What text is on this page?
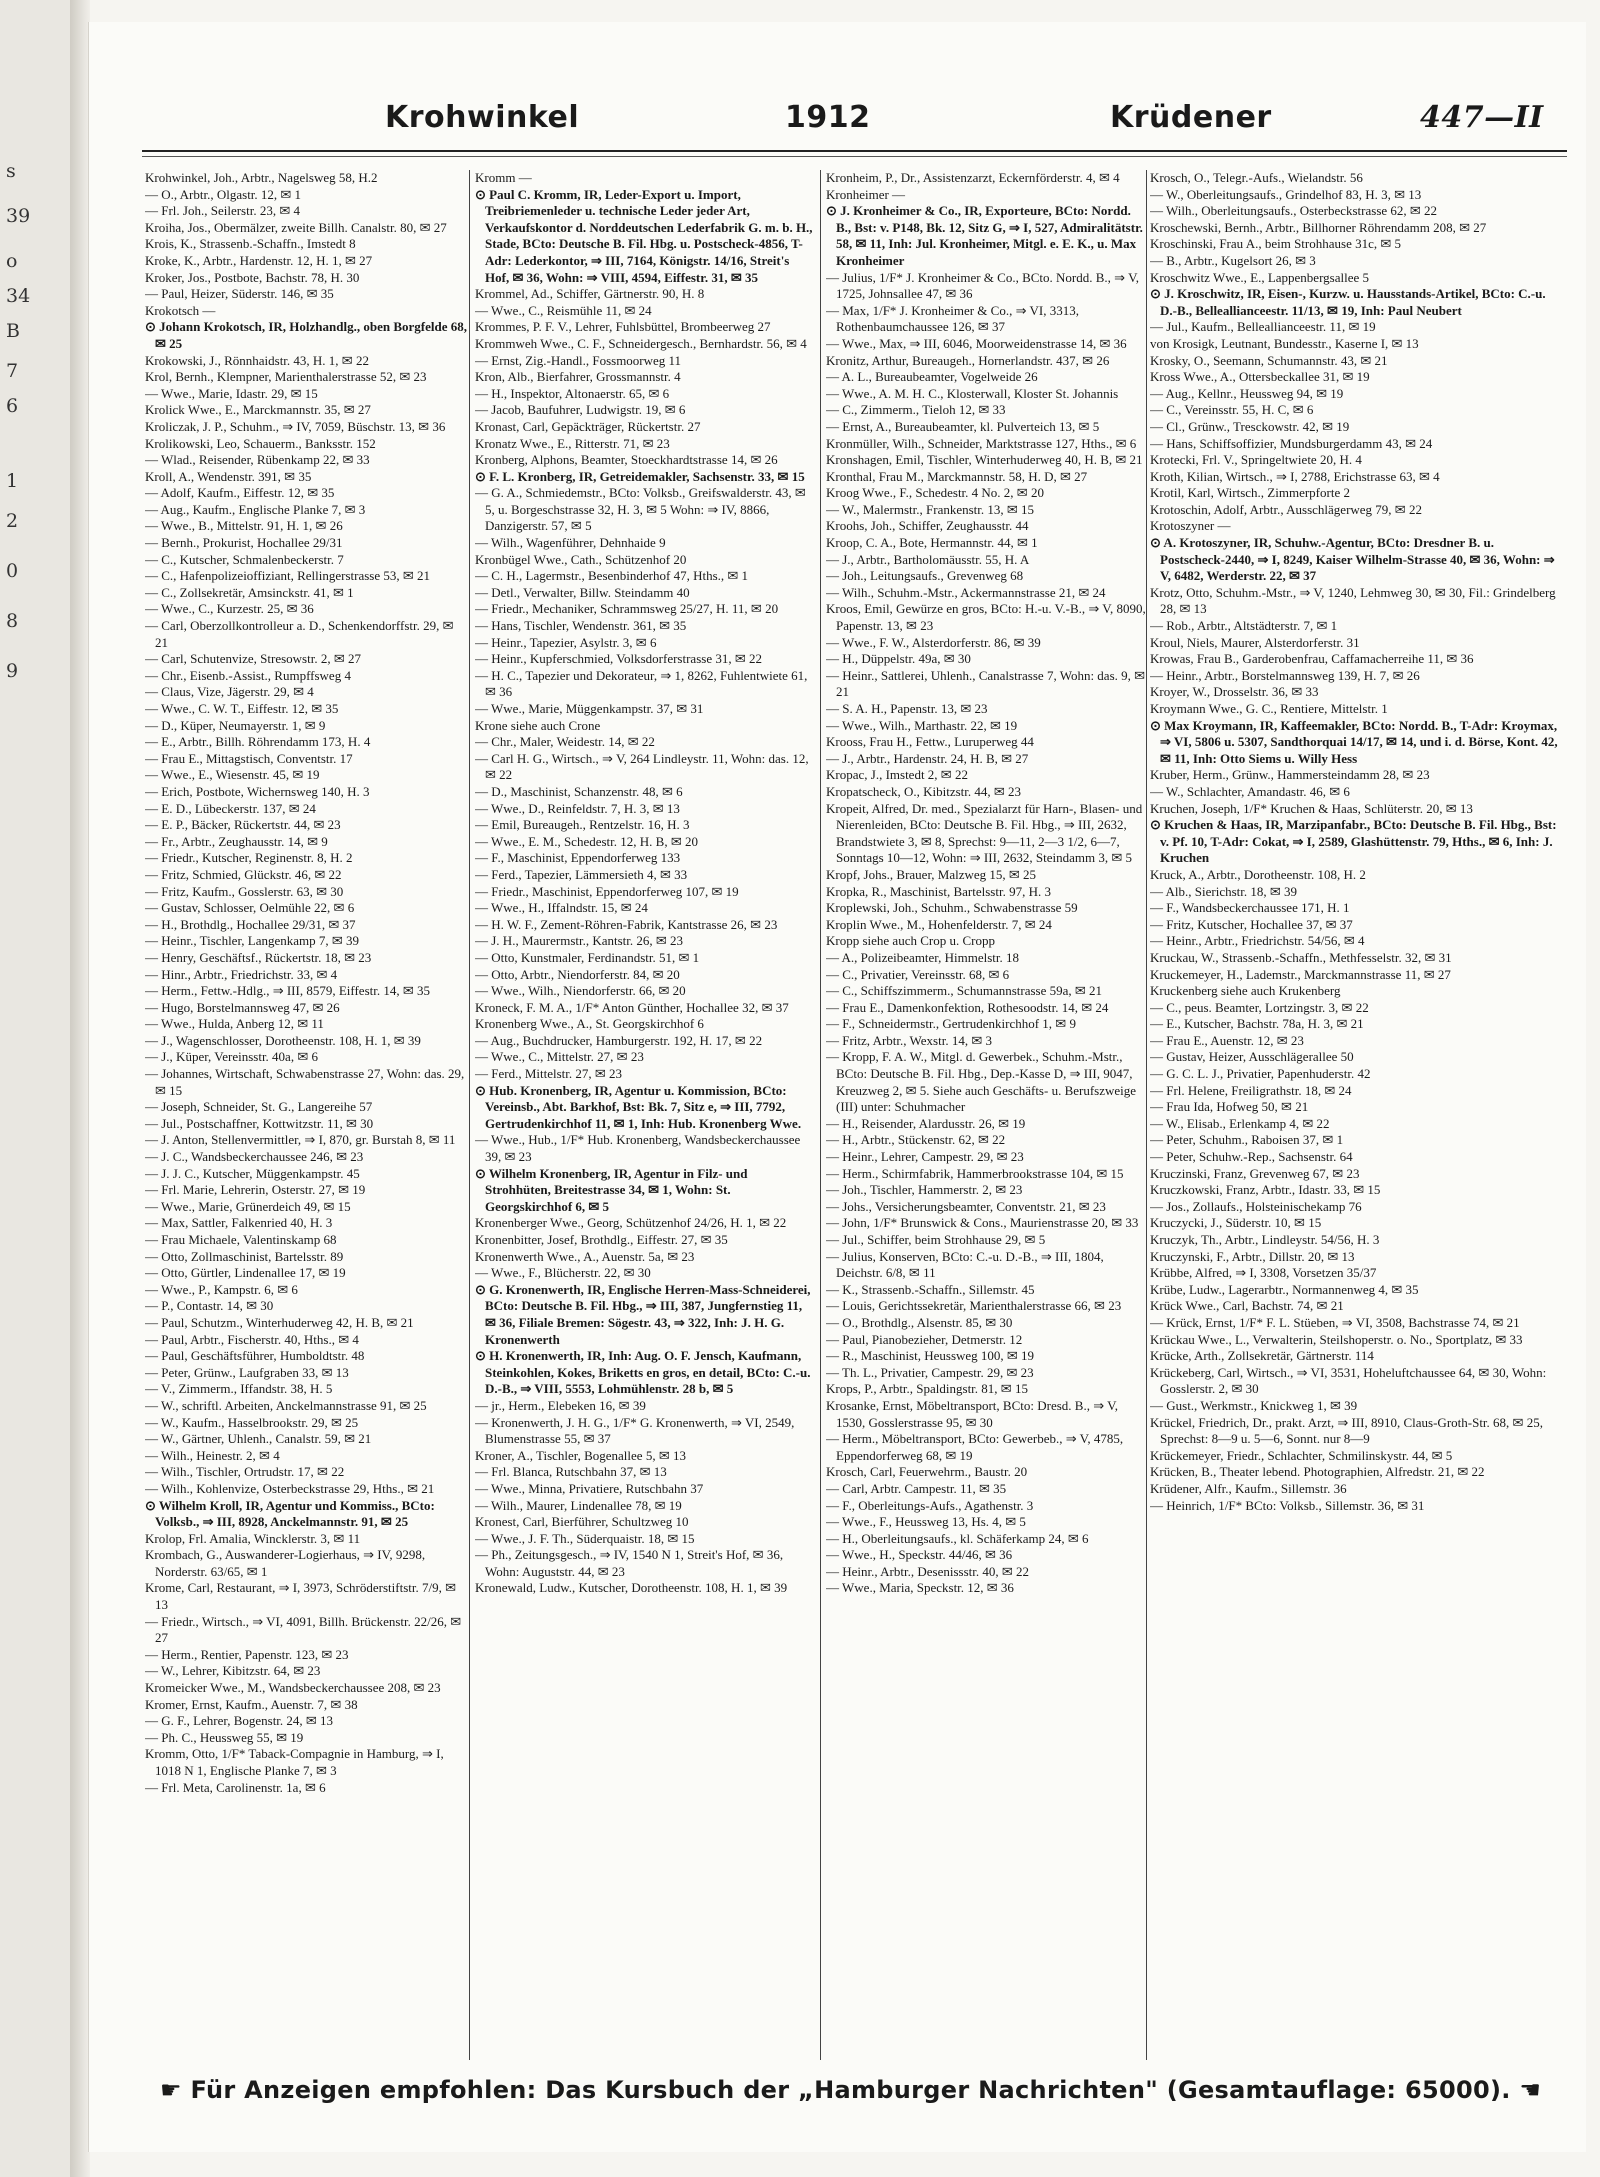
s
39
o
34
B
7
6
1
2
0
8
9
Krohwinkel	1912	Krüdener	447—II

Krohwinkel, Joh., Arbtr., Nagelsweg 58, H.2

— O., Arbtr., Olgastr. 12, ✉ 1

— Frl. Joh., Seilerstr. 23, ✉ 4

Kroiha, Jos., Obermälzer, zweite Billh. Canalstr. 80, ✉ 27

Krois, K., Strassenb.-Schaffn., Imstedt 8

Kroke, K., Arbtr., Hardenstr. 12, H. 1, ✉ 27

Kroker, Jos., Postbote, Bachstr. 78, H. 30

— Paul, Heizer, Süderstr. 146, ✉ 35

Krokotsch —

⊙ Johann Krokotsch, IR, Holzhandlg., oben Borgfelde 68, ✉ 25

Krokowski, J., Rönnhaidstr. 43, H. 1, ✉ 22

Krol, Bernh., Klempner, Marienthalerstrasse 52, ✉ 23

— Wwe., Marie, Idastr. 29, ✉ 15

Krolick Wwe., E., Marckmannstr. 35, ✉ 27

Kroliczak, J. P., Schuhm., ⇒ IV, 7059, Büschstr. 13, ✉ 36

Krolikowski, Leo, Schauerm., Banksstr. 152

— Wlad., Reisender, Rübenkamp 22, ✉ 33

Kroll, A., Wendenstr. 391, ✉ 35

— Adolf, Kaufm., Eiffestr. 12, ✉ 35

— Aug., Kaufm., Englische Planke 7, ✉ 3

— Wwe., B., Mittelstr. 91, H. 1, ✉ 26

— Bernh., Prokurist, Hochallee 29/31

— C., Kutscher, Schmalenbeckerstr. 7

— C., Hafenpolizeioffiziant, Rellingerstrasse 53, ✉ 21

— C., Zollsekretär, Amsinckstr. 41, ✉ 1

— Wwe., C., Kurzestr. 25, ✉ 36

— Carl, Oberzollkontrolleur a. D., Schenkendorffstr. 29, ✉ 21

— Carl, Schutenvize, Stresowstr. 2, ✉ 27

— Chr., Eisenb.-Assist., Rumpffsweg 4

— Claus, Vize, Jägerstr. 29, ✉ 4

— Wwe., C. W. T., Eiffestr. 12, ✉ 35

— D., Küper, Neumayerstr. 1, ✉ 9

— E., Arbtr., Billh. Röhrendamm 173, H. 4

— Frau E., Mittagstisch, Conventstr. 17

— Wwe., E., Wiesenstr. 45, ✉ 19

— Erich, Postbote, Wichernsweg 140, H. 3

— E. D., Lübeckerstr. 137, ✉ 24

— E. P., Bäcker, Rückertstr. 44, ✉ 23

— Fr., Arbtr., Zeughausstr. 14, ✉ 9

— Friedr., Kutscher, Reginenstr. 8, H. 2

— Fritz, Schmied, Glückstr. 46, ✉ 22

— Fritz, Kaufm., Gosslerstr. 63, ✉ 30

— Gustav, Schlosser, Oelmühle 22, ✉ 6

— H., Brothdlg., Hochallee 29/31, ✉ 37

— Heinr., Tischler, Langenkamp 7, ✉ 39

— Henry, Geschäftsf., Rückertstr. 18, ✉ 23

— Hinr., Arbtr., Friedrichstr. 33, ✉ 4

— Herm., Fettw.-Hdlg., ⇒ III, 8579, Eiffestr. 14, ✉ 35

— Hugo, Borstelmannsweg 47, ✉ 26

— Wwe., Hulda, Anberg 12, ✉ 11

— J., Wagenschlosser, Dorotheenstr. 108, H. 1, ✉ 39

— J., Küper, Vereinsstr. 40a, ✉ 6

— Johannes, Wirtschaft, Schwabenstrasse 27, Wohn: das. 29, ✉ 15

— Joseph, Schneider, St. G., Langereihe 57

— Jul., Postschaffner, Kottwitzstr. 11, ✉ 30

— J. Anton, Stellenvermittler, ⇒ I, 870, gr. Burstah 8, ✉ 11

— J. C., Wandsbeckerchaussee 246, ✉ 23

— J. J. C., Kutscher, Müggenkampstr. 45

— Frl. Marie, Lehrerin, Osterstr. 27, ✉ 19

— Wwe., Marie, Grünerdeich 49, ✉ 15

— Max, Sattler, Falkenried 40, H. 3

— Frau Michaele, Valentinskamp 68

— Otto, Zollmaschinist, Bartelsstr. 89

— Otto, Gürtler, Lindenallee 17, ✉ 19

— Wwe., P., Kampstr. 6, ✉ 6

— P., Contastr. 14, ✉ 30

— Paul, Schutzm., Winterhuderweg 42, H. B, ✉ 21

— Paul, Arbtr., Fischerstr. 40, Hths., ✉ 4

— Paul, Geschäftsführer, Humboldtstr. 48

— Peter, Grünw., Laufgraben 33, ✉ 13

— V., Zimmerm., Iffandstr. 38, H. 5

— W., schriftl. Arbeiten, Anckelmannstrasse 91, ✉ 25

— W., Kaufm., Hasselbrookstr. 29, ✉ 25

— W., Gärtner, Uhlenh., Canalstr. 59, ✉ 21

— Wilh., Heinestr. 2, ✉ 4

— Wilh., Tischler, Ortrudstr. 17, ✉ 22

— Wilh., Kohlenvize, Osterbeckstrasse 29, Hths., ✉ 21

⊙ Wilhelm Kroll, IR, Agentur und Kommiss., BCto: Volksb., ⇒ III, 8928, Anckelmannstr. 91, ✉ 25

Krolop, Frl. Amalia, Wincklerstr. 3, ✉ 11

Krombach, G., Auswanderer-Logierhaus, ⇒ IV, 9298, Norderstr. 63/65, ✉ 1

Krome, Carl, Restaurant, ⇒ I, 3973, Schröderstiftstr. 7/9, ✉ 13

— Friedr., Wirtsch., ⇒ VI, 4091, Billh. Brückenstr. 22/26, ✉ 27

— Herm., Rentier, Papenstr. 123, ✉ 23

— W., Lehrer, Kibitzstr. 64, ✉ 23

Kromeicker Wwe., M., Wandsbeckerchaussee 208, ✉ 23

Kromer, Ernst, Kaufm., Auenstr. 7, ✉ 38

— G. F., Lehrer, Bogenstr. 24, ✉ 13

— Ph. C., Heussweg 55, ✉ 19

Kromm, Otto, 1/F* Taback-Compagnie in Hamburg, ⇒ I, 1018 N 1, Englische Planke 7, ✉ 3

— Frl. Meta, Carolinenstr. 1a, ✉ 6

Kromm —

⊙ Paul C. Kromm, IR, Leder-Export u. Import, Treibriemenleder u. technische Leder jeder Art, Verkaufskontor d. Norddeutschen Lederfabrik G. m. b. H., Stade, BCto: Deutsche B. Fil. Hbg. u. Postscheck-4856, T-Adr: Lederkontor, ⇒ III, 7164, Königstr. 14/16, Streit's Hof, ✉ 36, Wohn: ⇒ VIII, 4594, Eiffestr. 31, ✉ 35

Krommel, Ad., Schiffer, Gärtnerstr. 90, H. 8

— Wwe., C., Reismühle 11, ✉ 24

Krommes, P. F. V., Lehrer, Fuhlsbüttel, Brombeerweg 27

Krommweh Wwe., C. F., Schneidergesch., Bernhardstr. 56, ✉ 4

— Ernst, Zig.-Handl., Fossmoorweg 11

Kron, Alb., Bierfahrer, Grossmannstr. 4

— H., Inspektor, Altonaerstr. 65, ✉ 6

— Jacob, Baufuhrer, Ludwigstr. 19, ✉ 6

Kronast, Carl, Gepäckträger, Rückertstr. 27

Kronatz Wwe., E., Ritterstr. 71, ✉ 23

Kronberg, Alphons, Beamter, Stoeckhardtstrasse 14, ✉ 26

⊙ F. L. Kronberg, IR, Getreidemakler, Sachsenstr. 33, ✉ 15

— G. A., Schmiedemstr., BCto: Volksb., Greifswalderstr. 43, ✉ 5, u. Borgeschstrasse 32, H. 3, ✉ 5 Wohn: ⇒ IV, 8866, Danzigerstr. 57, ✉ 5

— Wilh., Wagenführer, Dehnhaide 9

Kronbügel Wwe., Cath., Schützenhof 20

— C. H., Lagermstr., Besenbinderhof 47, Hths., ✉ 1

— Detl., Verwalter, Billw. Steindamm 40

— Friedr., Mechaniker, Schrammsweg 25/27, H. 11, ✉ 20

— Hans, Tischler, Wendenstr. 361, ✉ 35

— Heinr., Tapezier, Asylstr. 3, ✉ 6

— Heinr., Kupferschmied, Volksdorferstrasse 31, ✉ 22

— H. C., Tapezier und Dekorateur, ⇒ 1, 8262, Fuhlentwiete 61, ✉ 36

— Wwe., Marie, Müggenkampstr. 37, ✉ 31

Krone siehe auch Crone

— Chr., Maler, Weidestr. 14, ✉ 22

— Carl H. G., Wirtsch., ⇒ V, 264 Lindleystr. 11, Wohn: das. 12, ✉ 22

— D., Maschinist, Schanzenstr. 48, ✉ 6

— Wwe., D., Reinfeldstr. 7, H. 3, ✉ 13

— Emil, Bureaugeh., Rentzelstr. 16, H. 3

— Wwe., E. M., Schedestr. 12, H. B, ✉ 20

— F., Maschinist, Eppendorferweg 133

— Ferd., Tapezier, Lämmersieth 4, ✉ 33

— Friedr., Maschinist, Eppendorferweg 107, ✉ 19

— Wwe., H., Iffalndstr. 15, ✉ 24

— H. W. F., Zement-Röhren-Fabrik, Kantstrasse 26, ✉ 23

— J. H., Maurermstr., Kantstr. 26, ✉ 23

— Otto, Kunstmaler, Ferdinandstr. 51, ✉ 1

— Otto, Arbtr., Niendorferstr. 84, ✉ 20

— Wwe., Wilh., Niendorferstr. 66, ✉ 20

Kroneck, F. M. A., 1/F* Anton Günther, Hochallee 32, ✉ 37

Kronenberg Wwe., A., St. Georgskirchhof 6

— Aug., Buchdrucker, Hamburgerstr. 192, H. 17, ✉ 22

— Wwe., C., Mittelstr. 27, ✉ 23

— Ferd., Mittelstr. 27, ✉ 23

⊙ Hub. Kronenberg, IR, Agentur u. Kommission, BCto: Vereinsb., Abt. Barkhof, Bst: Bk. 7, Sitz e, ⇒ III, 7792, Gertrudenkirchhof 11, ✉ 1, Inh: Hub. Kronenberg Wwe.

— Wwe., Hub., 1/F* Hub. Kronenberg, Wandsbeckerchaussee 39, ✉ 23

⊙ Wilhelm Kronenberg, IR, Agentur in Filz- und Strohhüten, Breitestrasse 34, ✉ 1, Wohn: St. Georgskirchhof 6, ✉ 5

Kronenberger Wwe., Georg, Schützenhof 24/26, H. 1, ✉ 22

Kronenbitter, Josef, Brothdlg., Eiffestr. 27, ✉ 35

Kronenwerth Wwe., A., Auenstr. 5a, ✉ 23

— Wwe., F., Blücherstr. 22, ✉ 30

⊙ G. Kronenwerth, IR, Englische Herren-Mass-Schneiderei, BCto: Deutsche B. Fil. Hbg., ⇒ III, 387, Jungfernstieg 11, ✉ 36, Filiale Bremen: Sögestr. 43, ⇒ 322, Inh: J. H. G. Kronenwerth

⊙ H. Kronenwerth, IR, Inh: Aug. O. F. Jensch, Kaufmann, Steinkohlen, Kokes, Briketts en gros, en detail, BCto: C.-u. D.-B., ⇒ VIII, 5553, Lohmühlenstr. 28 b, ✉ 5

— jr., Herm., Elebeken 16, ✉ 39

— Kronenwerth, J. H. G., 1/F* G. Kronenwerth, ⇒ VI, 2549, Blumenstrasse 55, ✉ 37

Kroner, A., Tischler, Bogenallee 5, ✉ 13

— Frl. Blanca, Rutschbahn 37, ✉ 13

— Wwe., Minna, Privatiere, Rutschbahn 37

— Wilh., Maurer, Lindenallee 78, ✉ 19

Kronest, Carl, Bierführer, Schultzweg 10

— Wwe., J. F. Th., Süderquaistr. 18, ✉ 15

— Ph., Zeitungsgesch., ⇒ IV, 1540 N 1, Streit's Hof, ✉ 36, Wohn: Auguststr. 44, ✉ 23

Kronewald, Ludw., Kutscher, Dorotheenstr. 108, H. 1, ✉ 39

Kronheim, P., Dr., Assistenzarzt, Eckernförderstr. 4, ✉ 4

Kronheimer —

⊙ J. Kronheimer & Co., IR, Exporteure, BCto: Nordd. B., Bst: v. P148, Bk. 12, Sitz G, ⇒ I, 527, Admiralitätstr. 58, ✉ 11, Inh: Jul. Kronheimer, Mitgl. e. E. K., u. Max Kronheimer

— Julius, 1/F* J. Kronheimer & Co., BCto. Nordd. B., ⇒ V, 1725, Johnsallee 47, ✉ 36

— Max, 1/F* J. Kronheimer & Co., ⇒ VI, 3313, Rothenbaumchaussee 126, ✉ 37

— Wwe., Max, ⇒ III, 6046, Moorweidenstrasse 14, ✉ 36

Kronitz, Arthur, Bureaugeh., Hornerlandstr. 437, ✉ 26

— A. L., Bureaubeamter, Vogelweide 26

— Wwe., A. M. H. C., Klosterwall, Kloster St. Johannis

— C., Zimmerm., Tieloh 12, ✉ 33

— Ernst, A., Bureaubeamter, kl. Pulverteich 13, ✉ 5

Kronmüller, Wilh., Schneider, Marktstrasse 127, Hths., ✉ 6

Kronshagen, Emil, Tischler, Winterhuderweg 40, H. B, ✉ 21

Kronthal, Frau M., Marckmannstr. 58, H. D, ✉ 27

Kroog Wwe., F., Schedestr. 4 No. 2, ✉ 20

— W., Malermstr., Frankenstr. 13, ✉ 15

Kroohs, Joh., Schiffer, Zeughausstr. 44

Kroop, C. A., Bote, Hermannstr. 44, ✉ 1

— J., Arbtr., Bartholomäusstr. 55, H. A

— Joh., Leitungsaufs., Grevenweg 68

— Wilh., Schuhm.-Mstr., Ackermannstrasse 21, ✉ 24

Kroos, Emil, Gewürze en gros, BCto: H.-u. V.-B., ⇒ V, 8090, Papenstr. 13, ✉ 23

— Wwe., F. W., Alsterdorferstr. 86, ✉ 39

— H., Düppelstr. 49a, ✉ 30

— Heinr., Sattlerei, Uhlenh., Canalstrasse 7, Wohn: das. 9, ✉ 21

— S. A. H., Papenstr. 13, ✉ 23

— Wwe., Wilh., Marthastr. 22, ✉ 19

Krooss, Frau H., Fettw., Luruperweg 44

— J., Arbtr., Hardenstr. 24, H. B, ✉ 27

Kropac, J., Imstedt 2, ✉ 22

Kropatscheck, O., Kibitzstr. 44, ✉ 23

Kropeit, Alfred, Dr. med., Spezialarzt für Harn-, Blasen- und Nierenleiden, BCto: Deutsche B. Fil. Hbg., ⇒ III, 2632, Brandstwiete 3, ✉ 8, Sprechst: 9—11, 2—3 1/2, 6—7, Sonntags 10—12, Wohn: ⇒ III, 2632, Steindamm 3, ✉ 5

Kropf, Johs., Brauer, Malzweg 15, ✉ 25

Kropka, R., Maschinist, Bartelsstr. 97, H. 3

Kroplewski, Joh., Schuhm., Schwabenstrasse 59

Kroplin Wwe., M., Hohenfelderstr. 7, ✉ 24

Kropp siehe auch Crop u. Cropp

— A., Polizeibeamter, Himmelstr. 18

— C., Privatier, Vereinsstr. 68, ✉ 6

— C., Schiffszimmerm., Schumannstrasse 59a, ✉ 21

— Frau E., Damenkonfektion, Rothesoodstr. 14, ✉ 24

— F., Schneidermstr., Gertrudenkirchhof 1, ✉ 9

— Fritz, Arbtr., Wexstr. 14, ✉ 3

— Kropp, F. A. W., Mitgl. d. Gewerbek., Schuhm.-Mstr., BCto: Deutsche B. Fil. Hbg., Dep.-Kasse D, ⇒ III, 9047, Kreuzweg 2, ✉ 5. Siehe auch Geschäfts- u. Berufszweige (III) unter: Schuhmacher

— H., Reisender, Alardusstr. 26, ✉ 19

— H., Arbtr., Stückenstr. 62, ✉ 22

— Heinr., Lehrer, Campestr. 29, ✉ 23

— Herm., Schirmfabrik, Hammerbrookstrasse 104, ✉ 15

— Joh., Tischler, Hammerstr. 2, ✉ 23

— Johs., Versicherungsbeamter, Conventstr. 21, ✉ 23

— John, 1/F* Brunswick & Cons., Maurienstrasse 20, ✉ 33

— Jul., Schiffer, beim Strohhause 29, ✉ 5

— Julius, Konserven, BCto: C.-u. D.-B., ⇒ III, 1804, Deichstr. 6/8, ✉ 11

— K., Strassenb.-Schaffn., Sillemstr. 45

— Louis, Gerichtssekretär, Marienthalerstrasse 66, ✉ 23

— O., Brothdlg., Alsenstr. 85, ✉ 30

— Paul, Pianobezieher, Detmerstr. 12

— R., Maschinist, Heussweg 100, ✉ 19

— Th. L., Privatier, Campestr. 29, ✉ 23

Krops, P., Arbtr., Spaldingstr. 81, ✉ 15

Krosanke, Ernst, Möbeltransport, BCto: Dresd. B., ⇒ V, 1530, Gosslerstrasse 95, ✉ 30

— Herm., Möbeltransport, BCto: Gewerbeb., ⇒ V, 4785, Eppendorferweg 68, ✉ 19

Krosch, Carl, Feuerwehrm., Baustr. 20

— Carl, Arbtr. Campestr. 11, ✉ 35

— F., Oberleitungs-Aufs., Agathenstr. 3

— Wwe., F., Heussweg 13, Hs. 4, ✉ 5

— H., Oberleitungsaufs., kl. Schäferkamp 24, ✉ 6

— Wwe., H., Speckstr. 44/46, ✉ 36

— Heinr., Arbtr., Desenissstr. 40, ✉ 22

— Wwe., Maria, Speckstr. 12, ✉ 36

Krosch, O., Telegr.-Aufs., Wielandstr. 56

— W., Oberleitungsaufs., Grindelhof 83, H. 3, ✉ 13

— Wilh., Oberleitungsaufs., Osterbeckstrasse 62, ✉ 22

Kroschewski, Bernh., Arbtr., Billhorner Röhrendamm 208, ✉ 27

Kroschinski, Frau A., beim Strohhause 31c, ✉ 5

— B., Arbtr., Kugelsort 26, ✉ 3

Kroschwitz Wwe., E., Lappenbergsallee 5

⊙ J. Kroschwitz, IR, Eisen-, Kurzw. u. Hausstands-Artikel, BCto: C.-u. D.-B., Belleallianceestr. 11/13, ✉ 19, Inh: Paul Neubert

— Jul., Kaufm., Belleallianceestr. 11, ✉ 19

von Krosigk, Leutnant, Bundesstr., Kaserne I, ✉ 13

Krosky, O., Seemann, Schumannstr. 43, ✉ 21

Kross Wwe., A., Ottersbeckallee 31, ✉ 19

— Aug., Kellnr., Heussweg 94, ✉ 19

— C., Vereinsstr. 55, H. C, ✉ 6

— Cl., Grünw., Tresckowstr. 42, ✉ 19

— Hans, Schiffsoffizier, Mundsburgerdamm 43, ✉ 24

Krotecki, Frl. V., Springeltwiete 20, H. 4

Kroth, Kilian, Wirtsch., ⇒ I, 2788, Erichstrasse 63, ✉ 4

Krotil, Karl, Wirtsch., Zimmerpforte 2

Krotoschin, Adolf, Arbtr., Ausschlägerweg 79, ✉ 22

Krotoszyner —

⊙ A. Krotoszyner, IR, Schuhw.-Agentur, BCto: Dresdner B. u. Postscheck-2440, ⇒ I, 8249, Kaiser Wilhelm-Strasse 40, ✉ 36, Wohn: ⇒ V, 6482, Werderstr. 22, ✉ 37

Krotz, Otto, Schuhm.-Mstr., ⇒ V, 1240, Lehmweg 30, ✉ 30, Fil.: Grindelberg 28, ✉ 13

— Rob., Arbtr., Altstädterstr. 7, ✉ 1

Kroul, Niels, Maurer, Alsterdorferstr. 31

Krowas, Frau B., Garderobenfrau, Caffamacherreihe 11, ✉ 36

— Heinr., Arbtr., Borstelmannsweg 139, H. 7, ✉ 26

Kroyer, W., Drosselstr. 36, ✉ 33

Kroymann Wwe., G. C., Rentiere, Mittelstr. 1

⊙ Max Kroymann, IR, Kaffeemakler, BCto: Nordd. B., T-Adr: Kroymax, ⇒ VI, 5806 u. 5307, Sandthorquai 14/17, ✉ 14, und i. d. Börse, Kont. 42, ✉ 11, Inh: Otto Siems u. Willy Hess

Kruber, Herm., Grünw., Hammersteindamm 28, ✉ 23

— W., Schlachter, Amandastr. 46, ✉ 6

Kruchen, Joseph, 1/F* Kruchen & Haas, Schlüterstr. 20, ✉ 13

⊙ Kruchen & Haas, IR, Marzipanfabr., BCto: Deutsche B. Fil. Hbg., Bst: v. Pf. 10, T-Adr: Cokat, ⇒ I, 2589, Glashüttenstr. 79, Hths., ✉ 6, Inh: J. Kruchen

Kruck, A., Arbtr., Dorotheenstr. 108, H. 2

— Alb., Sierichstr. 18, ✉ 39

— F., Wandsbeckerchaussee 171, H. 1

— Fritz, Kutscher, Hochallee 37, ✉ 37

— Heinr., Arbtr., Friedrichstr. 54/56, ✉ 4

Kruckau, W., Strassenb.-Schaffn., Methfesselstr. 32, ✉ 31

Kruckemeyer, H., Lademstr., Marckmannstrasse 11, ✉ 27

Kruckenberg siehe auch Krukenberg

— C., peus. Beamter, Lortzingstr. 3, ✉ 22

— E., Kutscher, Bachstr. 78a, H. 3, ✉ 21

— Frau E., Auenstr. 12, ✉ 23

— Gustav, Heizer, Ausschlägerallee 50

— G. C. L. J., Privatier, Papenhuderstr. 42

— Frl. Helene, Freiligrathstr. 18, ✉ 24

— Frau Ida, Hofweg 50, ✉ 21

— W., Elisab., Erlenkamp 4, ✉ 22

— Peter, Schuhm., Raboisen 37, ✉ 1

— Peter, Schuhw.-Rep., Sachsenstr. 64

Kruczinski, Franz, Grevenweg 67, ✉ 23

Kruczkowski, Franz, Arbtr., Idastr. 33, ✉ 15

— Jos., Zollaufs., Holsteinischekamp 76

Kruczycki, J., Süderstr. 10, ✉ 15

Kruczyk, Th., Arbtr., Lindleystr. 54/56, H. 3

Kruczynski, F., Arbtr., Dillstr. 20, ✉ 13

Krübbe, Alfred, ⇒ I, 3308, Vorsetzen 35/37

Krübe, Ludw., Lagerarbtr., Normannenweg 4, ✉ 35

Krück Wwe., Carl, Bachstr. 74, ✉ 21

— Krück, Ernst, 1/F* F. L. Stüeben, ⇒ VI, 3508, Bachstrasse 74, ✉ 21

Krückau Wwe., L., Verwalterin, Steilshoperstr. o. No., Sportplatz, ✉ 33

Krücke, Arth., Zollsekretär, Gärtnerstr. 114

Krückeberg, Carl, Wirtsch., ⇒ VI, 3531, Hoheluftchaussee 64, ✉ 30, Wohn: Gosslerstr. 2, ✉ 30

— Gust., Werkmstr., Knickweg 1, ✉ 39

Krückel, Friedrich, Dr., prakt. Arzt, ⇒ III, 8910, Claus-Groth-Str. 68, ✉ 25, Sprechst: 8—9 u. 5—6, Sonnt. nur 8—9

Krückemeyer, Friedr., Schlachter, Schmilinskystr. 44, ✉ 5

Krücken, B., Theater lebend. Photographien, Alfredstr. 21, ✉ 22

Krüdener, Alfr., Kaufm., Sillemstr. 36

— Heinrich, 1/F* BCto: Volksb., Sillemstr. 36, ✉ 31

☛ Für Anzeigen empfohlen: Das Kursbuch der „Hamburger Nachrichten" (Gesamtauflage: 65000). ☚
